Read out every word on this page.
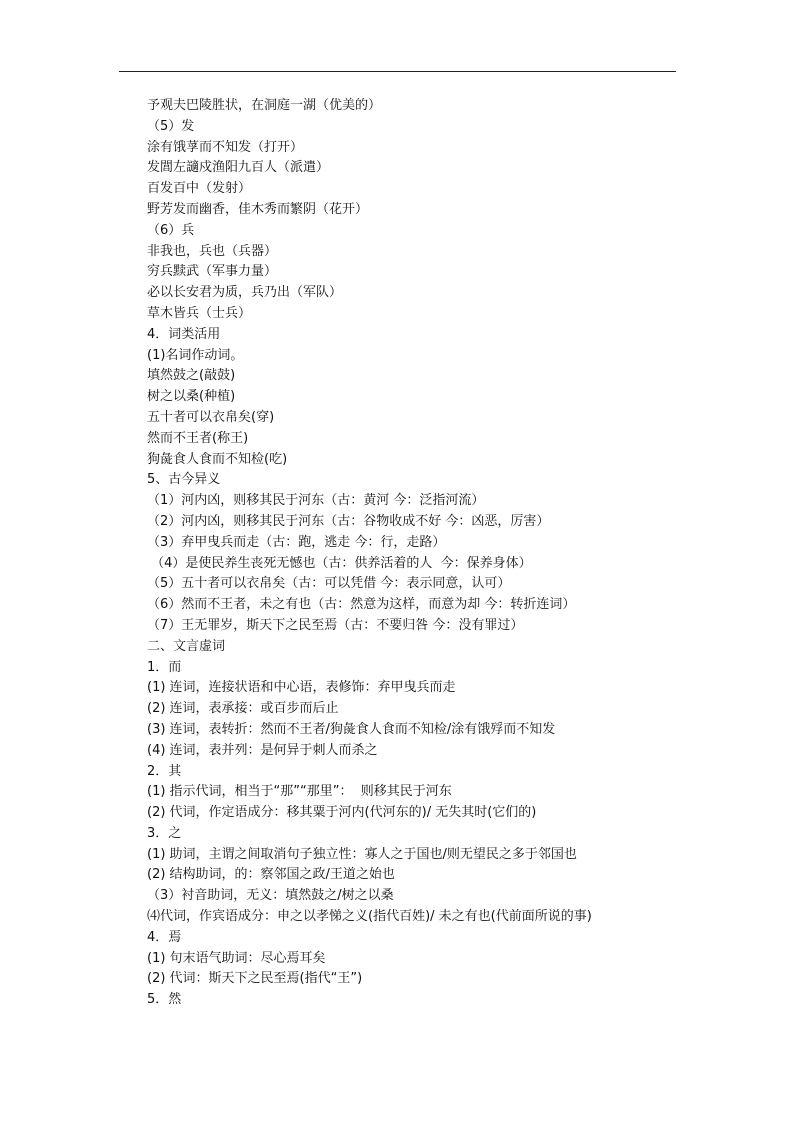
予观夫巴陵胜状，在洞庭一湖（优美的）
（5）发
涂有饿莩而不知发（打开）
发閭左讁戍渔阳九百人（派遣）
百发百中（发射）
野芳发而幽香，佳木秀而繁阴（花开）
（6）兵
非我也，兵也（兵器）
穷兵黩武（军事力量）
必以长安君为质，兵乃出（军队）
草木皆兵（士兵）
4．词类活用
(1)名词作动词。
填然鼓之(敲鼓)
树之以桑(种植)
五十者可以衣帛矣(穿)
然而不王者(称王)
狗彘食人食而不知检(吃)
5、古今异义
（1）河内凶，则移其民于河东（古：黄河 今：泛指河流）
（2）河内凶，则移其民于河东（古：谷物收成不好 今：凶恶，厉害）
（3）弃甲曳兵而走（古：跑，逃走 今：行，走路）
（4）是使民养生丧死无憾也（古：供养活着的人  今：保养身体）
（5）五十者可以衣帛矣（古：可以凭借 今：表示同意，认可）
（6）然而不王者，未之有也（古：然意为这样，而意为却 今：转折连词）
（7）王无罪岁，斯天下之民至焉（古：不要归咎 今：没有罪过）
二、文言虚词
1．而
(1) 连词，连接状语和中心语，表修饰：弃甲曳兵而走
(2) 连词，表承接：或百步而后止
(3) 连词，表转折：然而不王者/狗彘食人食而不知检/涂有饿殍而不知发
(4) 连词，表并列：是何异于刺人而杀之
2．其
(1) 指示代词，相当于“那”“那里”：  则移其民于河东
(2) 代词，作定语成分：移其粟于河内(代河东的)/ 无失其时(它们的)
3．之
(1) 助词，主谓之间取消句子独立性：寡人之于国也/则无望民之多于邻国也
(2) 结构助词，的：察邻国之政/王道之始也
（3）衬音助词，无义：填然鼓之/树之以桑
⑷代词，作宾语成分：申之以孝悌之义(指代百姓)/ 未之有也(代前面所说的事)
4．焉
(1) 句末语气助词：尽心焉耳矣
(2) 代词：斯天下之民至焉(指代“王”)
5．然
